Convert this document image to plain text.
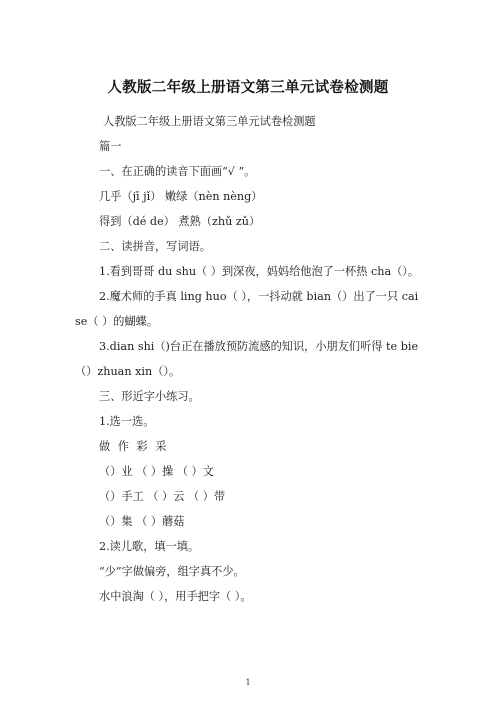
人教版二年级上册语文第三单元试卷检测题
人教版二年级上册语文第三单元试卷检测题
篇一
一、在正确的读音下面画“√ ”。
几乎（jī jǐ） 嫩绿（nèn nèng）
得到（dé de） 煮熟（zhǔ zǔ）
二、读拼音，写词语。
1.看到哥哥 du shu（ ）到深夜，妈妈给他泡了一杯热 cha（）。
2.魔术师的手真 ling huo（ ），一抖动就 bian（）出了一只 cai
se（ ）的蝴蝶。
3.dian shi（)台正在播放预防流感的知识，小朋友们听得 te bie
（）zhuan xin（）。
三、形近字小练习。
1.选一选。
做 作 彩 采
（）业 （ ）操 （ ）文
（）手工 （ ）云 （ ）带
（）集 （ ）蘑菇
2.读儿歌，填一填。
“少”字做偏旁，组字真不少。
水中浪淘（ ），用手把字（ ）。
1
